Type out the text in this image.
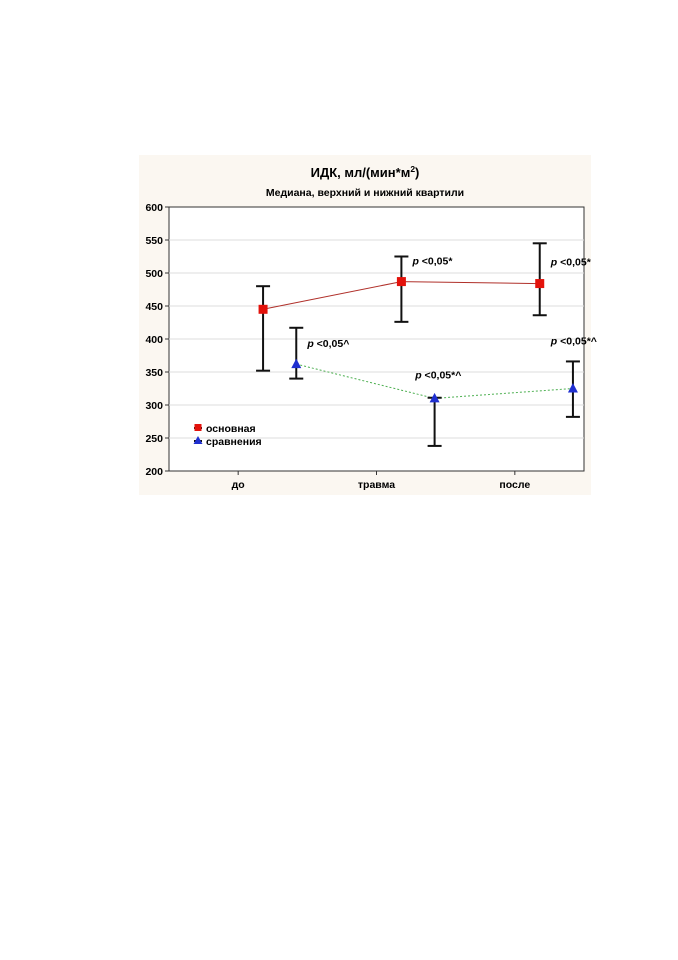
ИДК, $мл/(мин*м^2)$
Медиана, верхний и нижний квартили
200
250
300
350
400
450
500
550
600
до	травма	после
p <0,05*	p <0,05*
p <0,05^
p <0,05*^
p <0,05*^
основная
сравнения
